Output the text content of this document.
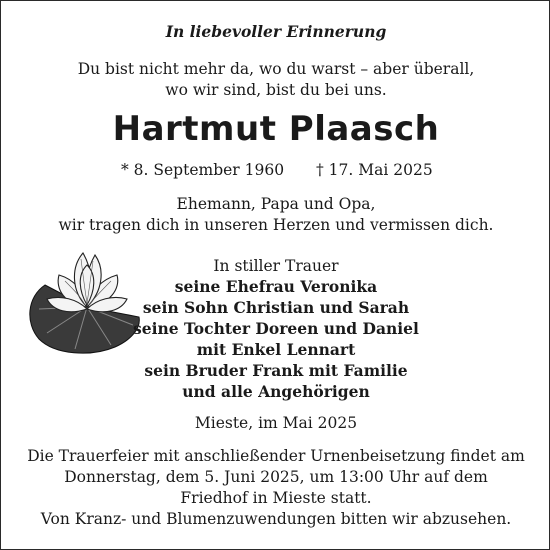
In liebevoller Erinnerung
Du bist nicht mehr da, wo du warst – aber überall,
wo wir sind, bist du bei uns.
Hartmut Plaasch
* 8. September 1960 † 17. Mai 2025
Ehemann, Papa und Opa,
wir tragen dich in unseren Herzen und vermissen dich.
In stiller Trauer
seine Ehefrau Veronika
sein Sohn Christian und Sarah
seine Tochter Doreen und Daniel
mit Enkel Lennart
sein Bruder Frank mit Familie
und alle Angehörigen
Mieste, im Mai 2025
Die Trauerfeier mit anschließender Urnenbeisetzung findet am
Donnerstag, dem 5. Juni 2025, um 13:00 Uhr auf dem
Friedhof in Mieste statt.
Von Kranz- und Blumenzuwendungen bitten wir abzusehen.
